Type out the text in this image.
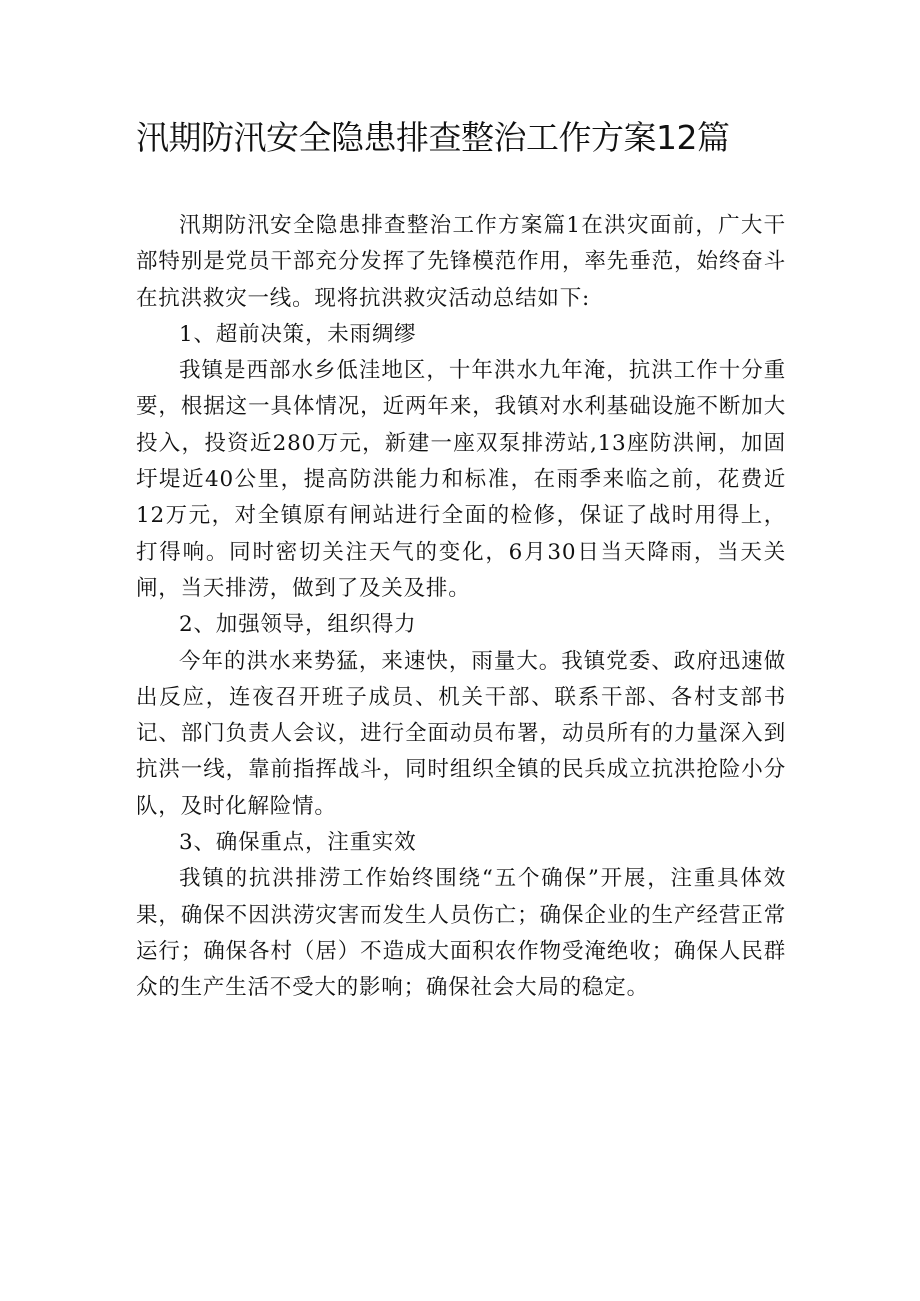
汛期防汛安全隐患排查整治工作方案12篇

汛期防汛安全隐患排查整治工作方案篇1在洪灾面前，广大干部特别是党员干部充分发挥了先锋模范作用，率先垂范，始终奋斗在抗洪救灾一线。现将抗洪救灾活动总结如下:

1、超前决策，未雨绸缪

我镇是西部水乡低洼地区，十年洪水九年淹，抗洪工作十分重要，根据这一具体情况，近两年来，我镇对水利基础设施不断加大投入，投资近280万元，新建一座双泵排涝站,13座防洪闸，加固圩堤近40公里，提高防洪能力和标准，在雨季来临之前，花费近12万元，对全镇原有闸站进行全面的检修，保证了战时用得上，打得响。同时密切关注天气的变化，6月30日当天降雨，当天关闸，当天排涝，做到了及关及排。

2、加强领导，组织得力

今年的洪水来势猛，来速快，雨量大。我镇党委、政府迅速做出反应，连夜召开班子成员、机关干部、联系干部、各村支部书记、部门负责人会议，进行全面动员布署，动员所有的力量深入到抗洪一线，靠前指挥战斗，同时组织全镇的民兵成立抗洪抢险小分队，及时化解险情。

3、确保重点，注重实效

我镇的抗洪排涝工作始终围绕“五个确保”开展，注重具体效果，确保不因洪涝灾害而发生人员伤亡；确保企业的生产经营正常运行；确保各村（居）不造成大面积农作物受淹绝收；确保人民群众的生产生活不受大的影响；确保社会大局的稳定。
